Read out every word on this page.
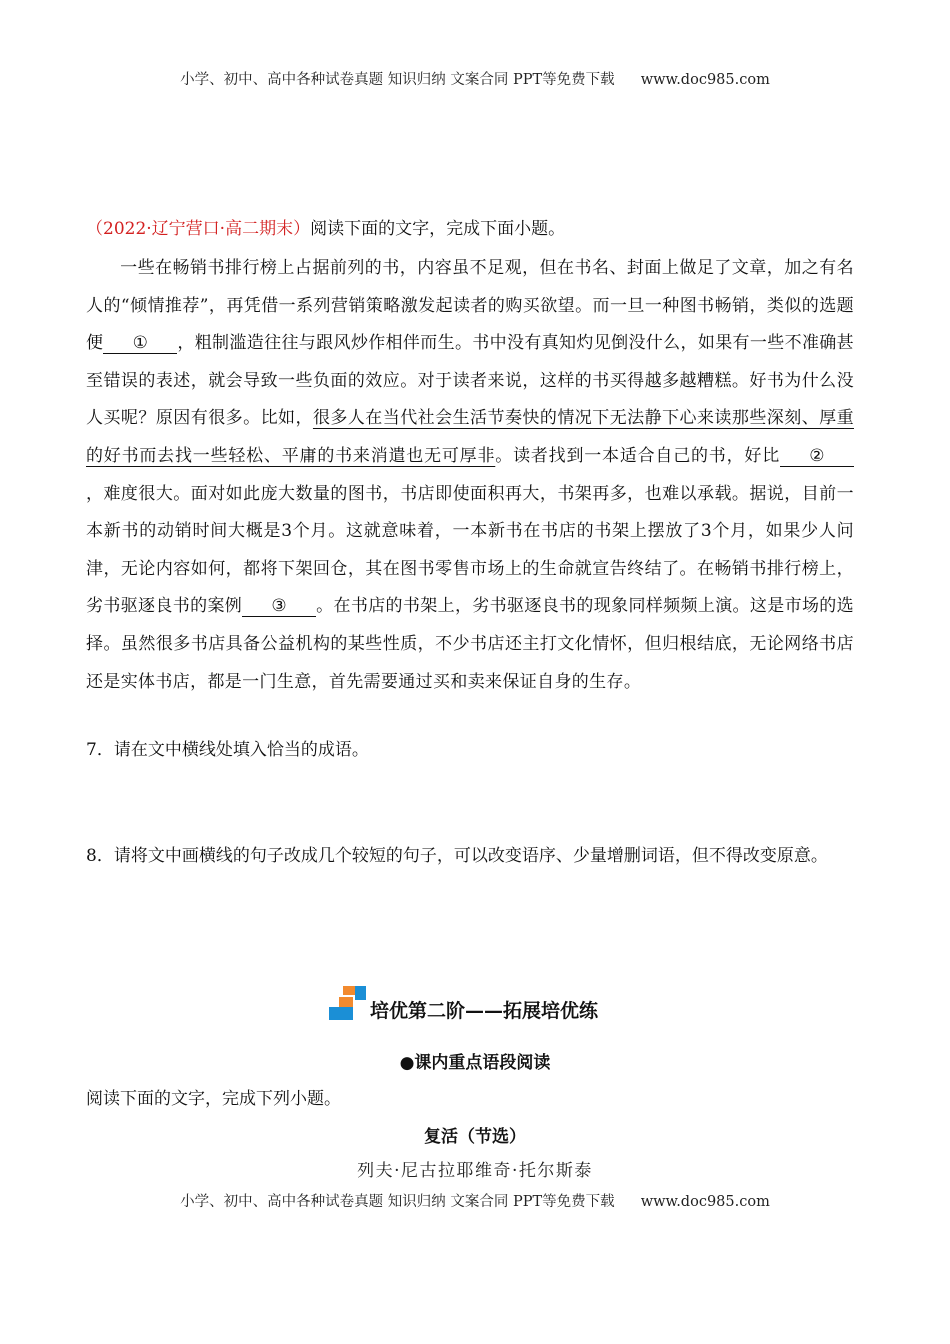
小学、初中、高中各种试卷真题 知识归纳 文案合同 PPT等免费下载 www.doc985.com
（2022·辽宁营口·高二期末）阅读下面的文字，完成下面小题。
一些在畅销书排行榜上占据前列的书，内容虽不足观，但在书名、封面上做足了文章，加之有名人的“倾情推荐”，再凭借一系列营销策略激发起读者的购买欲望。而一旦一种图书畅销，类似的选题便 ① ，粗制滥造往往与跟风炒作相伴而生。书中没有真知灼见倒没什么，如果有一些不准确甚至错误的表述，就会导致一些负面的效应。对于读者来说，这样的书买得越多越糟糕。好书为什么没人买呢？原因有很多。比如，很多人在当代社会生活节奏快的情况下无法静下心来读那些深刻、厚重的好书而去找一些轻松、平庸的书来消遣也无可厚非。读者找到一本适合自己的书，好比 ②，难度很大。面对如此庞大数量的图书，书店即使面积再大，书架再多，也难以承载。据说，目前一本新书的动销时间大概是3个月。这就意味着，一本新书在书店的书架上摆放了3个月，如果少人问津，无论内容如何，都将下架回仓，其在图书零售市场上的生命就宣告终结了。在畅销书排行榜上，劣书驱逐良书的案例 ③ 。在书店的书架上，劣书驱逐良书的现象同样频频上演。这是市场的选择。虽然很多书店具备公益机构的某些性质，不少书店还主打文化情怀，但归根结底，无论网络书店还是实体书店，都是一门生意，首先需要通过买和卖来保证自身的生存。
7．请在文中横线处填入恰当的成语。
8．请将文中画横线的句子改成几个较短的句子，可以改变语序、少量增删词语，但不得改变原意。
培优第二阶——拓展培优练
●课内重点语段阅读
阅读下面的文字，完成下列小题。
复活（节选）
列夫·尼古拉耶维奇·托尔斯泰
小学、初中、高中各种试卷真题 知识归纳 文案合同 PPT等免费下载 www.doc985.com
